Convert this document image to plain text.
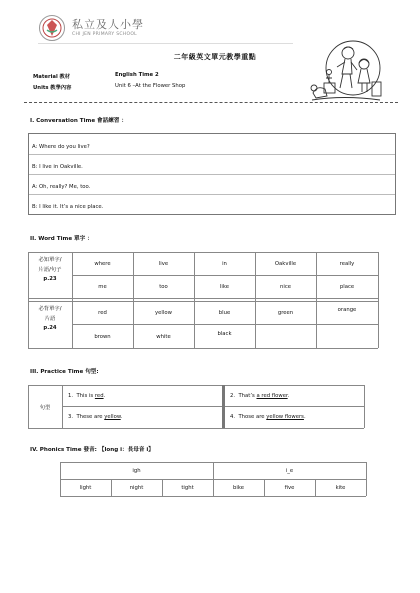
私立及人小學
CHI JEN PRIMARY SCHOOL
二年級英文單元教學重點
Material 教材	English Time 2
Units 教學內容	Unit 6 –At the Flower Shop
I. Conversation Time 會話練習 ：
A: Where do you live?
B: I live in Oakville.
A: Oh, really? Me, too.
B: I like it. It’s a nice place.
II. Word Time 單字 ：
必知單字/
片語/句子
p.23
where	live	in	Oakville	really
me	too	like	nice	place
必背單字/
片語
p.24
red	yellow	blue	green	orange
brown	white	black
III. Practice Time 句型:
句型
1. This is red.	2. That’s a red flower.
3. These are yellow.	4. Those are yellow flowers.
IV. Phonics Time 發音: 【long i：長母音 i】
igh	i_e
light	night	tight	bike	five	kite
